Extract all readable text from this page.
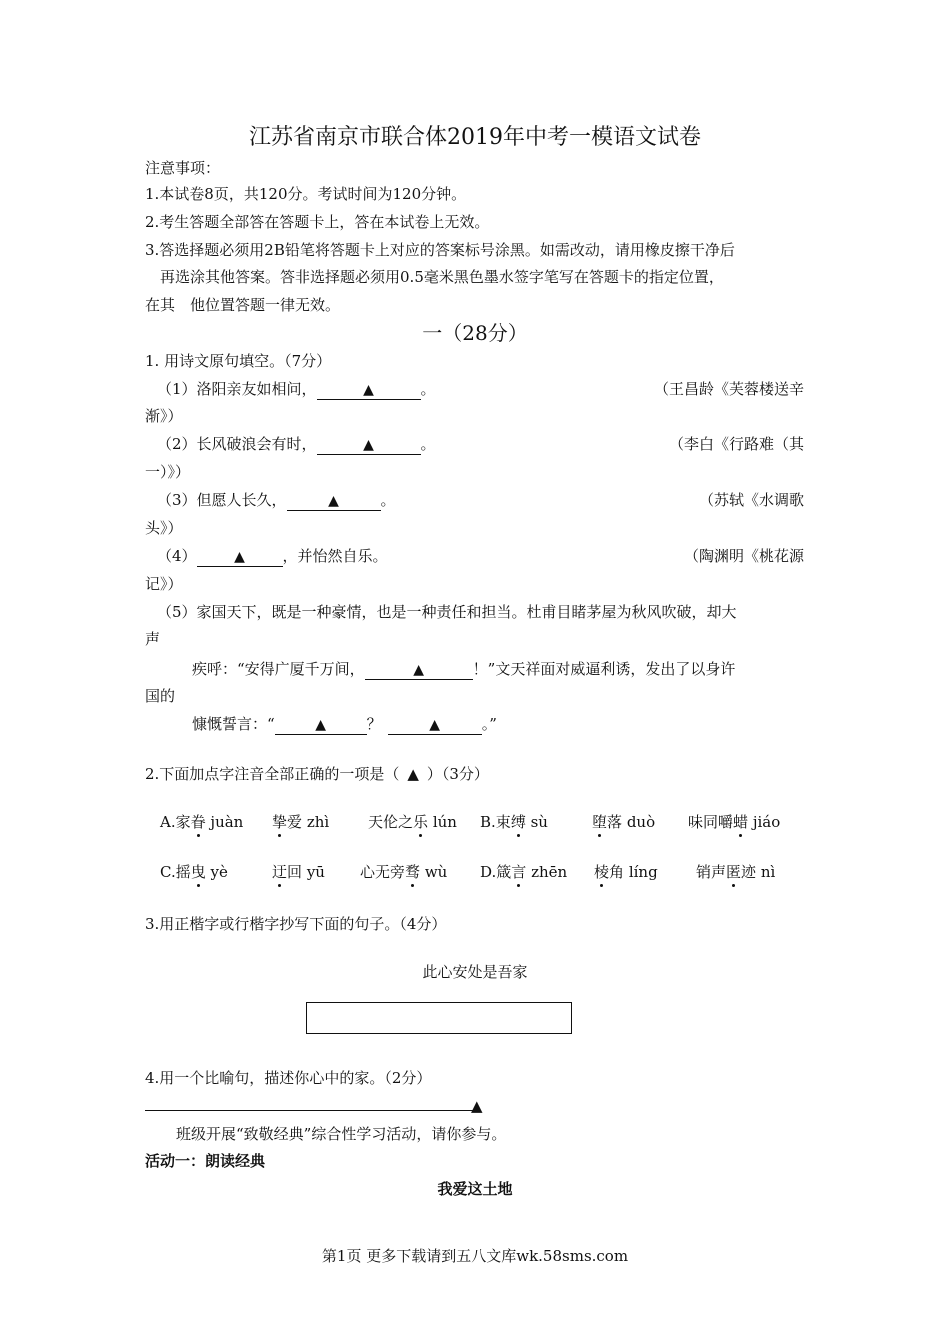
江苏省南京市联合体2019年中考一模语文试卷
注意事项：
1.本试卷8页，共120分。考试时间为120分钟。
2.考生答题全部答在答题卡上，答在本试卷上无效。
3.答选择题必须用2B铅笔将答题卡上对应的答案标号涂黑。如需改动，请用橡皮擦干净后
再选涂其他答案。答非选择题必须用0.5毫米黑色墨水签字笔写在答题卡的指定位置，
在其　他位置答题一律无效。
一（28分）
1. 用诗文原句填空。（7分）
（1）洛阳亲友如相问，	▲	。	（王昌龄《芙蓉楼送辛
渐》）
（2）长风破浪会有时，	▲	。	（李白《行路难（其
一）》）
（3）但愿人长久，	▲	。	（苏轼《水调歌
头》）
（4）	▲	，并怡然自乐。	（陶渊明《桃花源
记》）
（5）家国天下，既是一种豪情，也是一种责任和担当。杜甫目睹茅屋为秋风吹破，却大
声
疾呼：“安得广厦千万间，	▲	！”文天祥面对威逼利诱，发出了以身许
国的
慷慨誓言：“	▲	？	▲	。”
2.下面加点字注音全部正确的一项是（ ▲ ）（3分）
A.家眷 juàn 挚爱 zhì	天伦之乐 lún B.束缚 sù	堕落 duò 味同嚼蜡 jiáo
C.摇曳 yè	迂回 yū 心无旁骛 wù D.箴言 zhēn 棱角 líng	销声匿迹 nì
3.用正楷字或行楷字抄写下面的句子。（4分）
此心安处是吾家
4.用一个比喻句，描述你心中的家。（2分）
▲
班级开展“致敬经典”综合性学习活动，请你参与。
活动一：朗读经典
我爱这土地
第1页 更多下载请到五八文库wk.58sms.com
